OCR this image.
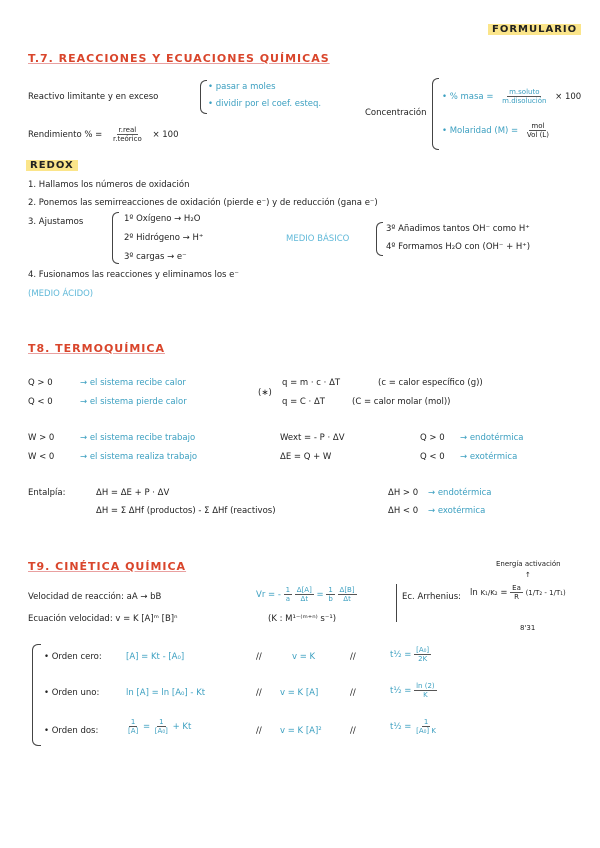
FORMULARIO
T.7. REACCIONES Y ECUACIONES QUÍMICAS
Reactivo limitante y en exceso
• pasar a moles
• dividir por el coef. esteq.
Rendimiento % = $\frac{\text{r.real}}{\text{r.teórico}} \times 100$
Concentración
• % masa = $\frac{\text{m.soluto}}{\text{m.disolución}} \times 100$
• Molaridad $(M) = \frac{\text{mol}}{\text{Vol (L)}}$
REDOX
1. Hallamos los números de oxidación
2. Ponemos las semirreacciones de oxidación (pierde e⁻) y de reducción (gana e⁻)
3. Ajustamos	1º Oxígeno → H₂O
2º Hidrógeno → H⁺
3º cargas → e⁻
MEDIO BÁSICO
3º Añadimos tantos OH⁻ como H⁺
4º Formamos H₂O con (OH⁻ + H⁺)
4. Fusionamos las reacciones y eliminamos los e⁻
(MEDIO ÁCIDO)
T8. TERMOQUÍMICA
Q > 0	→ el sistema recibe calor
Q < 0	→ el sistema pierde calor
(∗)
q = m · c · ΔT	(c = calor específico (g))
q = C · ΔT	(C = calor molar (mol))
W > 0	→ el sistema recibe trabajo
W < 0	→ el sistema realiza trabajo
Wext = - P · ΔV
ΔE = Q + W
Q > 0 → endotérmica
Q < 0 → exotérmica
Entalpía:	ΔH = ΔE + P · ΔV
ΔH = Σ ΔHf (productos) - Σ ΔHf (reactivos)
ΔH > 0 → endotérmica
ΔH < 0 → exotérmica
T9. CINÉTICA QUÍMICA	Energía activación
↑
Velocidad de reacción: aA → bB	Vr = - $\frac{1}{a}$
$\frac{\Delta[A]}{\Delta t} = \frac{1}{b}$
$\frac{\Delta[B]}{\Delta t}$	Ec. Arrhenius: $\ln K_1/K_2 = \frac{Ea}{R} (1/T_2 - 1/T_1)$
8'31
Ecuación velocidad: v = K [A]ᵐ [B]ⁿ	(K : M¹⁻⁽ᵐ⁺ⁿ⁾ s⁻¹)
• Orden cero:	[A] = Kt - [A₀]	//	v = K	//	t½ = $\frac{\text{[A₀]}}{2K}$
• Orden uno:	ln [A] = ln [A₀] - Kt	// v = K [A]	//	t½ = $\frac{\ln (2)}{K}$
• Orden dos:	$\frac{1}{[A]} = \frac{1}{\text{[A₀]}} + Kt$	// v = K [A]²	//	t½ = $\frac{1}{\text{[A₀] K}}$
